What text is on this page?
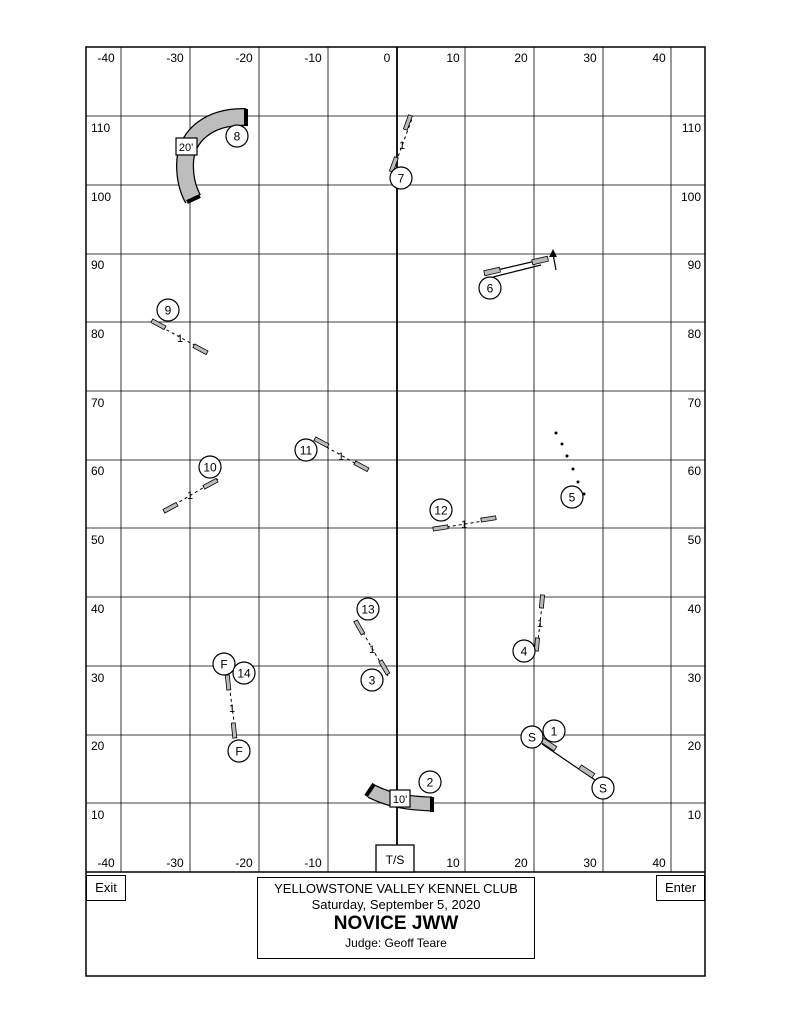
-40	-30	-20	-10	0	10	20	30	40
-40	-30	-20	-10	10	20	30	40
10
20
30
40
50
60
70
80
90
100
110
10
20
30
40
50
60
70
80
90
100
110
T/S
20'
8
1
7
6
1
9
1
11
1
10
5
1
12
1
4
1
13
3
1
F
14
F
S 1
S
10'
2
Exit	Enter
YELLOWSTONE VALLEY KENNEL CLUB
Saturday, September 5, 2020
NOVICE JWW
Judge: Geoff Teare
